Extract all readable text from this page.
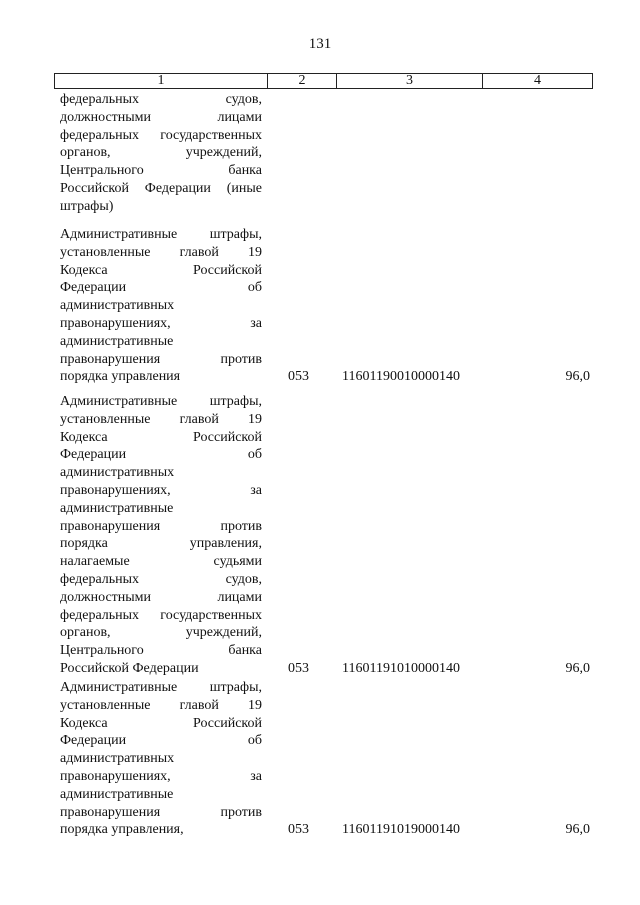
131
1	2	3	4
федеральных судов,
должностными лицами
федеральных государственных
органов, учреждений,
Центрального банка
Российской Федерации (иные
штрафы)
Административные штрафы,
установленные главой 19
Кодекса Российской
Федерации об
административных
правонарушениях, за
административные
правонарушения против
порядка управления	053 11601190010000140	96,0
Административные штрафы,
установленные главой 19
Кодекса Российской
Федерации об
административных
правонарушениях, за
административные
правонарушения против
порядка управления,
налагаемые судьями
федеральных судов,
должностными лицами
федеральных государственных
органов, учреждений,
Центрального банка
Российской Федерации	053 11601191010000140	96,0
Административные штрафы,
установленные главой 19
Кодекса Российской
Федерации об
административных
правонарушениях, за
административные
правонарушения против
порядка управления,	053 11601191019000140	96,0
